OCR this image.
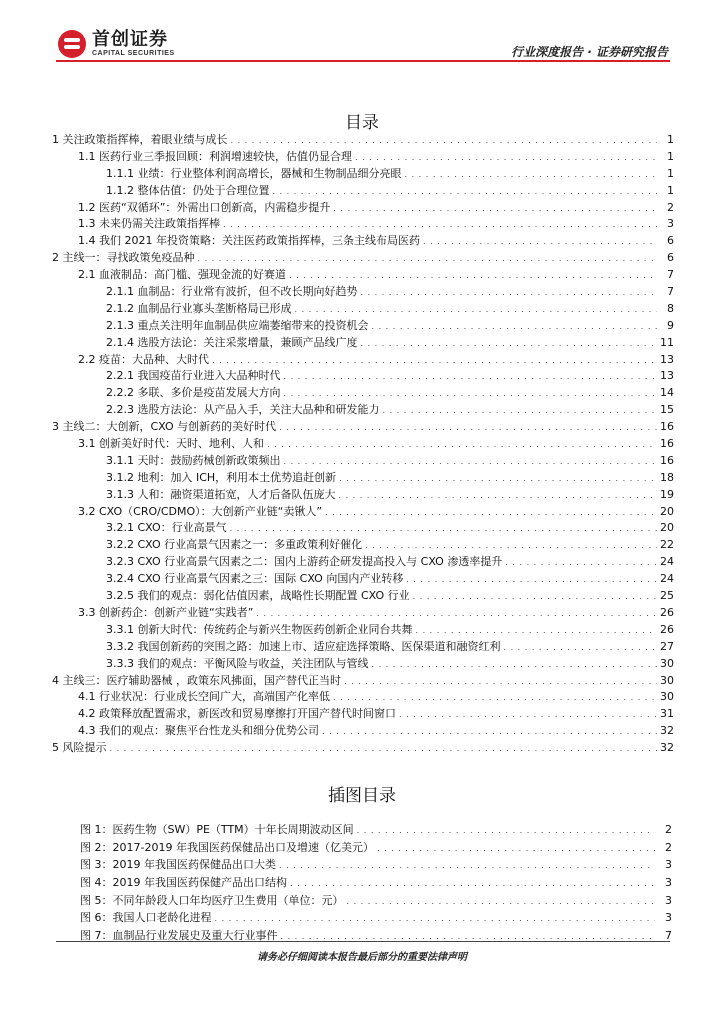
首创证券
CAPITAL SECURITIES	行业深度报告 · 证券研究报告
目录
1 关注政策指挥棒，着眼业绩与成长 . . .	1
1.1 医药行业三季报回顾：利润增速较快，估值仍显合理 . . .	1
1.1.1 业绩：行业整体利润高增长，器械和生物制品细分亮眼 . . .	1
1.1.2 整体估值：仍处于合理位置 . . .	1
1.2 医药“双循环”：外需出口创新高，内需稳步提升 . . .	2
1.3 未来仍需关注政策指挥棒 . . .	3
1.4 我们 2021 年投资策略：关注医药政策指挥棒，三条主线布局医药 . . .	6
2 主线一：寻找政策免疫品种 . . .	6
2.1 血液制品：高门槛、强现金流的好赛道 . . .	7
2.1.1 血制品：行业常有波折，但不改长期向好趋势 . . .	7
2.1.2 血制品行业寡头垄断格局已形成 . . .	8
2.1.3 重点关注明年血制品供应端萎缩带来的投资机会 . . .	9
2.1.4 选股方法论：关注采浆增量，兼顾产品线广度 . . .	11
2.2 疫苗：大品种、大时代 . . .	13
2.2.1 我国疫苗行业进入大品种时代 . . .	13
2.2.2 多联、多价是疫苗发展大方向 . . .	14
2.2.3 选股方法论：从产品入手，关注大品种和研发能力 . . .	15
3 主线二：大创新，CXO 与创新药的美好时代 . . .	16
3.1 创新美好时代：天时、地利、人和 . . .	16
3.1.1 天时：鼓励药械创新政策频出 . . .	16
3.1.2 地利：加入 ICH，利用本土优势追赶创新 . . .	18
3.1.3 人和：融资渠道拓宽，人才后备队伍庞大 . . .	19
3.2 CXO（CRO/CDMO）：大创新产业链“卖锹人” . . .	20
3.2.1 CXO：行业高景气 . . .	20
3.2.2 CXO 行业高景气因素之一：多重政策利好催化 . . .	22
3.2.3 CXO 行业高景气因素之二：国内上游药企研发提高投入与 CXO 渗透率提升 . . .	24
3.2.4 CXO 行业高景气因素之三：国际 CXO 向国内产业转移 . . .	24
3.2.5 我们的观点：弱化估值因素，战略性长期配置 CXO 行业 . . .	25
3.3 创新药企：创新产业链“实践者” . . .	26
3.3.1 创新大时代：传统药企与新兴生物医药创新企业同台共舞 . . .	26
3.3.2 我国创新药的突围之路：加速上市、适应症选择策略、医保渠道和融资红利 . . .	27
3.3.3 我们的观点：平衡风险与收益，关注团队与管线 . . .	30
4 主线三：医疗辅助器械 ，政策东风拂面，国产替代正当时 . . .	30
4.1 行业状况：行业成长空间广大，高端国产化率低 . . .	30
4.2 政策释放配置需求，新医改和贸易摩擦打开国产替代时间窗口 . . .	31
4.3 我们的观点：聚焦平台性龙头和细分优势公司 . . .	32
5 风险提示 . . .	32
插图目录
图 1：医药生物（SW）PE（TTM）十年长周期波动区间 . . .	2
图 2：2017-2019 年我国医药保健品出口及增速（亿美元） . . .	2
图 3：2019 年我国医药保健品出口大类 . . .	3
图 4：2019 年我国医药保健产品出口结构 . . .	3
图 5：不同年龄段人口年均医疗卫生费用（单位：元） . . .	3
图 6：我国人口老龄化进程 . . .	3
图 7：血制品行业发展史及重大行业事件 . . .	7
请务必仔细阅读本报告最后部分的重要法律声明
